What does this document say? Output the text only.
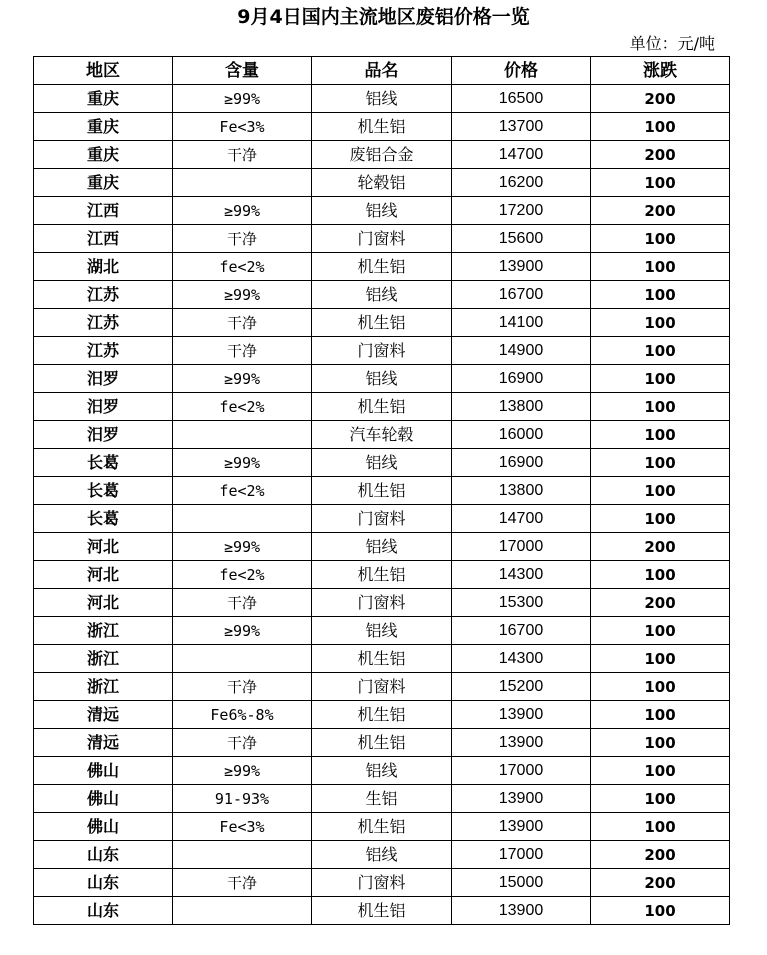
9月4日国内主流地区废铝价格一览
单位：元/吨
地区	含量	品名	价格	涨跌
重庆	≥99%	铝线	16500	200
重庆	Fe<3%	机生铝	13700	100
重庆	干净	废铝合金	14700	200
重庆		轮毂铝	16200	100
江西	≥99%	铝线	17200	200
江西	干净	门窗料	15600	100
湖北	fe<2%	机生铝	13900	100
江苏	≥99%	铝线	16700	100
江苏	干净	机生铝	14100	100
江苏	干净	门窗料	14900	100
汨罗	≥99%	铝线	16900	100
汨罗	fe<2%	机生铝	13800	100
汨罗		汽车轮毂	16000	100
长葛	≥99%	铝线	16900	100
长葛	fe<2%	机生铝	13800	100
长葛		门窗料	14700	100
河北	≥99%	铝线	17000	200
河北	fe<2%	机生铝	14300	100
河北	干净	门窗料	15300	200
浙江	≥99%	铝线	16700	100
浙江		机生铝	14300	100
浙江	干净	门窗料	15200	100
清远	Fe6%-8%	机生铝	13900	100
清远	干净	机生铝	13900	100
佛山	≥99%	铝线	17000	100
佛山	91-93%	生铝	13900	100
佛山	Fe<3%	机生铝	13900	100
山东		铝线	17000	200
山东	干净	门窗料	15000	200
山东		机生铝	13900	100
